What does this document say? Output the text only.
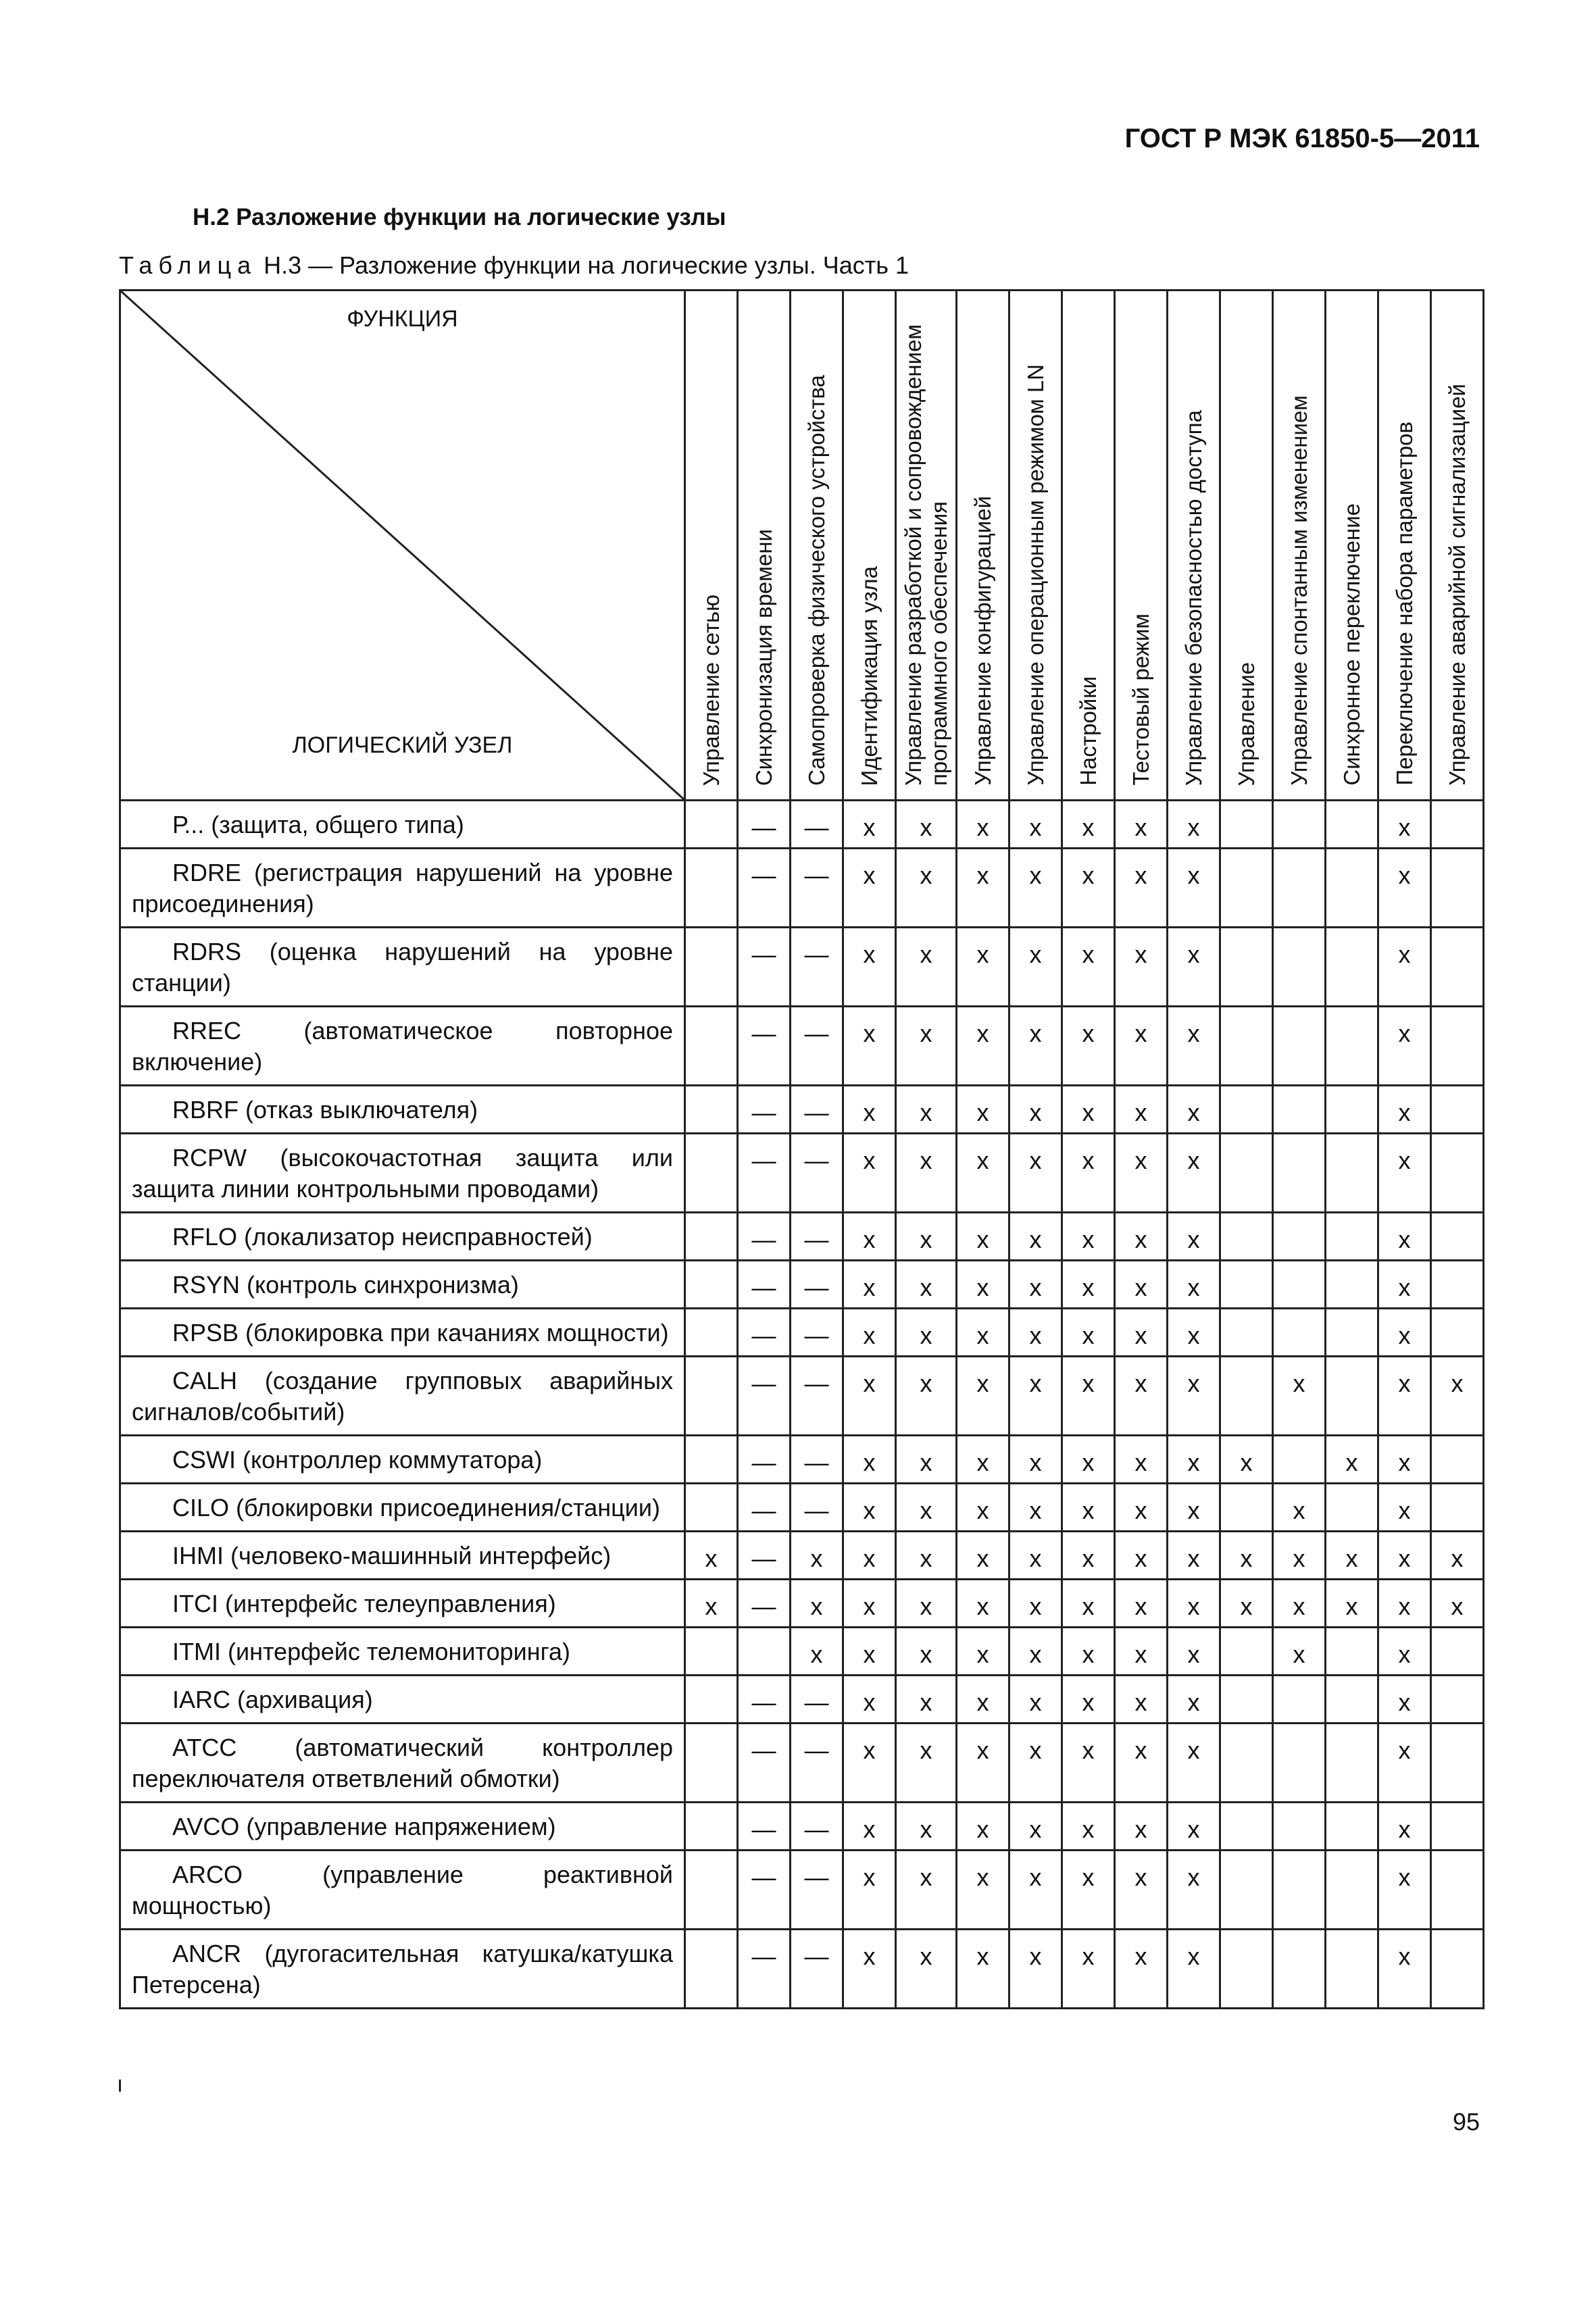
ГОСТ Р МЭК 61850-5—2011
Н.2 Разложение функции на логические узлы
Таблица Н.3 — Разложение функции на логические узлы. Часть 1
ФУНКЦИЯ
ЛОГИЧЕСКИЙ УЗЕЛ	Управление сетью	Синхронизация времени	Самопроверка физического устройства	Идентификация узла	Управление разработкой и сопровождением программного обеспечения	Управление конфигурацией	Управление операционным режимом LN	Настройки	Тестовый режим	Управление безопасностью доступа	Управление	Управление спонтанным изменением	Синхронное переключение	Переключение набора параметров	Управление аварийной сигнализацией

Р... (защита, общего типа)		—	—	x	x	x	x	x	x	x				x	
RDRE (регистрация нарушений на уровне присоединения)		—	—	x	x	x	x	x	x	x				x	
RDRS (оценка нарушений на уровне станции)		—	—	x	x	x	x	x	x	x				x	
RREC (автоматическое повторное включение)		—	—	x	x	x	x	x	x	x				x	
RBRF (отказ выключателя)		—	—	x	x	x	x	x	x	x				x	
RCPW (высокочастотная защита или защита линии контрольными проводами)		—	—	x	x	x	x	x	x	x				x	
RFLO (локализатор неисправностей)		—	—	x	x	x	x	x	x	x				x	
RSYN (контроль синхронизма)		—	—	x	x	x	x	x	x	x				x	
RPSB (блокировка при качаниях мощности)		—	—	x	x	x	x	x	x	x				x	
CALH (создание групповых аварийных сигналов/событий)		—	—	x	x	x	x	x	x	x		x		x	x
CSWI (контроллер коммутатора)		—	—	x	x	x	x	x	x	x	x		x	x	
CILO (блокировки присоединения/станции)		—	—	x	x	x	x	x	x	x		x		x	
IHMI (человеко-машинный интерфейс)	x	—	x	x	x	x	x	x	x	x	x	x	x	x	x
ITCI (интерфейс телеуправления)	x	—	x	x	x	x	x	x	x	x	x	x	x	x	x
ITMI (интерфейс телемониторинга)			x	x	x	x	x	x	x	x		x		x	
IARC (архивация)		—	—	x	x	x	x	x	x	x				x	
ATCC (автоматический контроллер переключателя ответвлений обмотки)		—	—	x	x	x	x	x	x	x				x	
AVCO (управление напряжением)		—	—	x	x	x	x	x	x	x				x	
ARCO (управление реактивной мощностью)		—	—	x	x	x	x	x	x	x				x	
ANCR (дугогасительная катушка/катушка Петерсена)		—	—	x	x	x	x	x	x	x				x	
95
